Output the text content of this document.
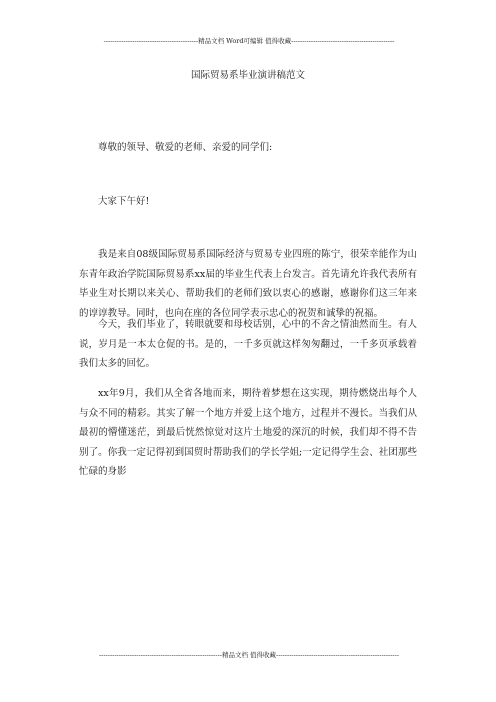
-------------------------------------------精品文档 Word可编辑 值得收藏-----------------------------------------------
国际贸易系毕业演讲稿范文

尊敬的领导、敬爱的老师、亲爱的同学们:

大家下午好!

我是来自08级国际贸易系国际经济与贸易专业四班的陈宁，很荣幸能作为山东青年政治学院国际贸易系xx届的毕业生代表上台发言。首先请允许我代表所有毕业生对长期以来关心、帮助我们的老师们致以衷心的感谢，感谢你们这三年来的谆谆教导。同时，也向在座的各位同学表示忠心的祝贺和诚挚的祝福。

今天，我们毕业了，转眼就要和母校话别，心中的不舍之情油然而生。有人说，岁月是一本太仓促的书。是的，一千多页就这样匆匆翻过，一千多页承载着我们太多的回忆。

xx年9月，我们从全省各地而来，期待着梦想在这实现，期待燃烧出每个人与众不同的精彩。其实了解一个地方并爱上这个地方，过程并不漫长。当我们从最初的懵懂迷茫，到最后恍然惊觉对这片土地爱的深沉的时候，我们却不得不告别了。你我一定记得初到国贸时帮助我们的学长学姐;一定记得学生会、社团那些忙碌的身影

--------------------------------------------------------精品文档 值得收藏--------------------------------------------------------
